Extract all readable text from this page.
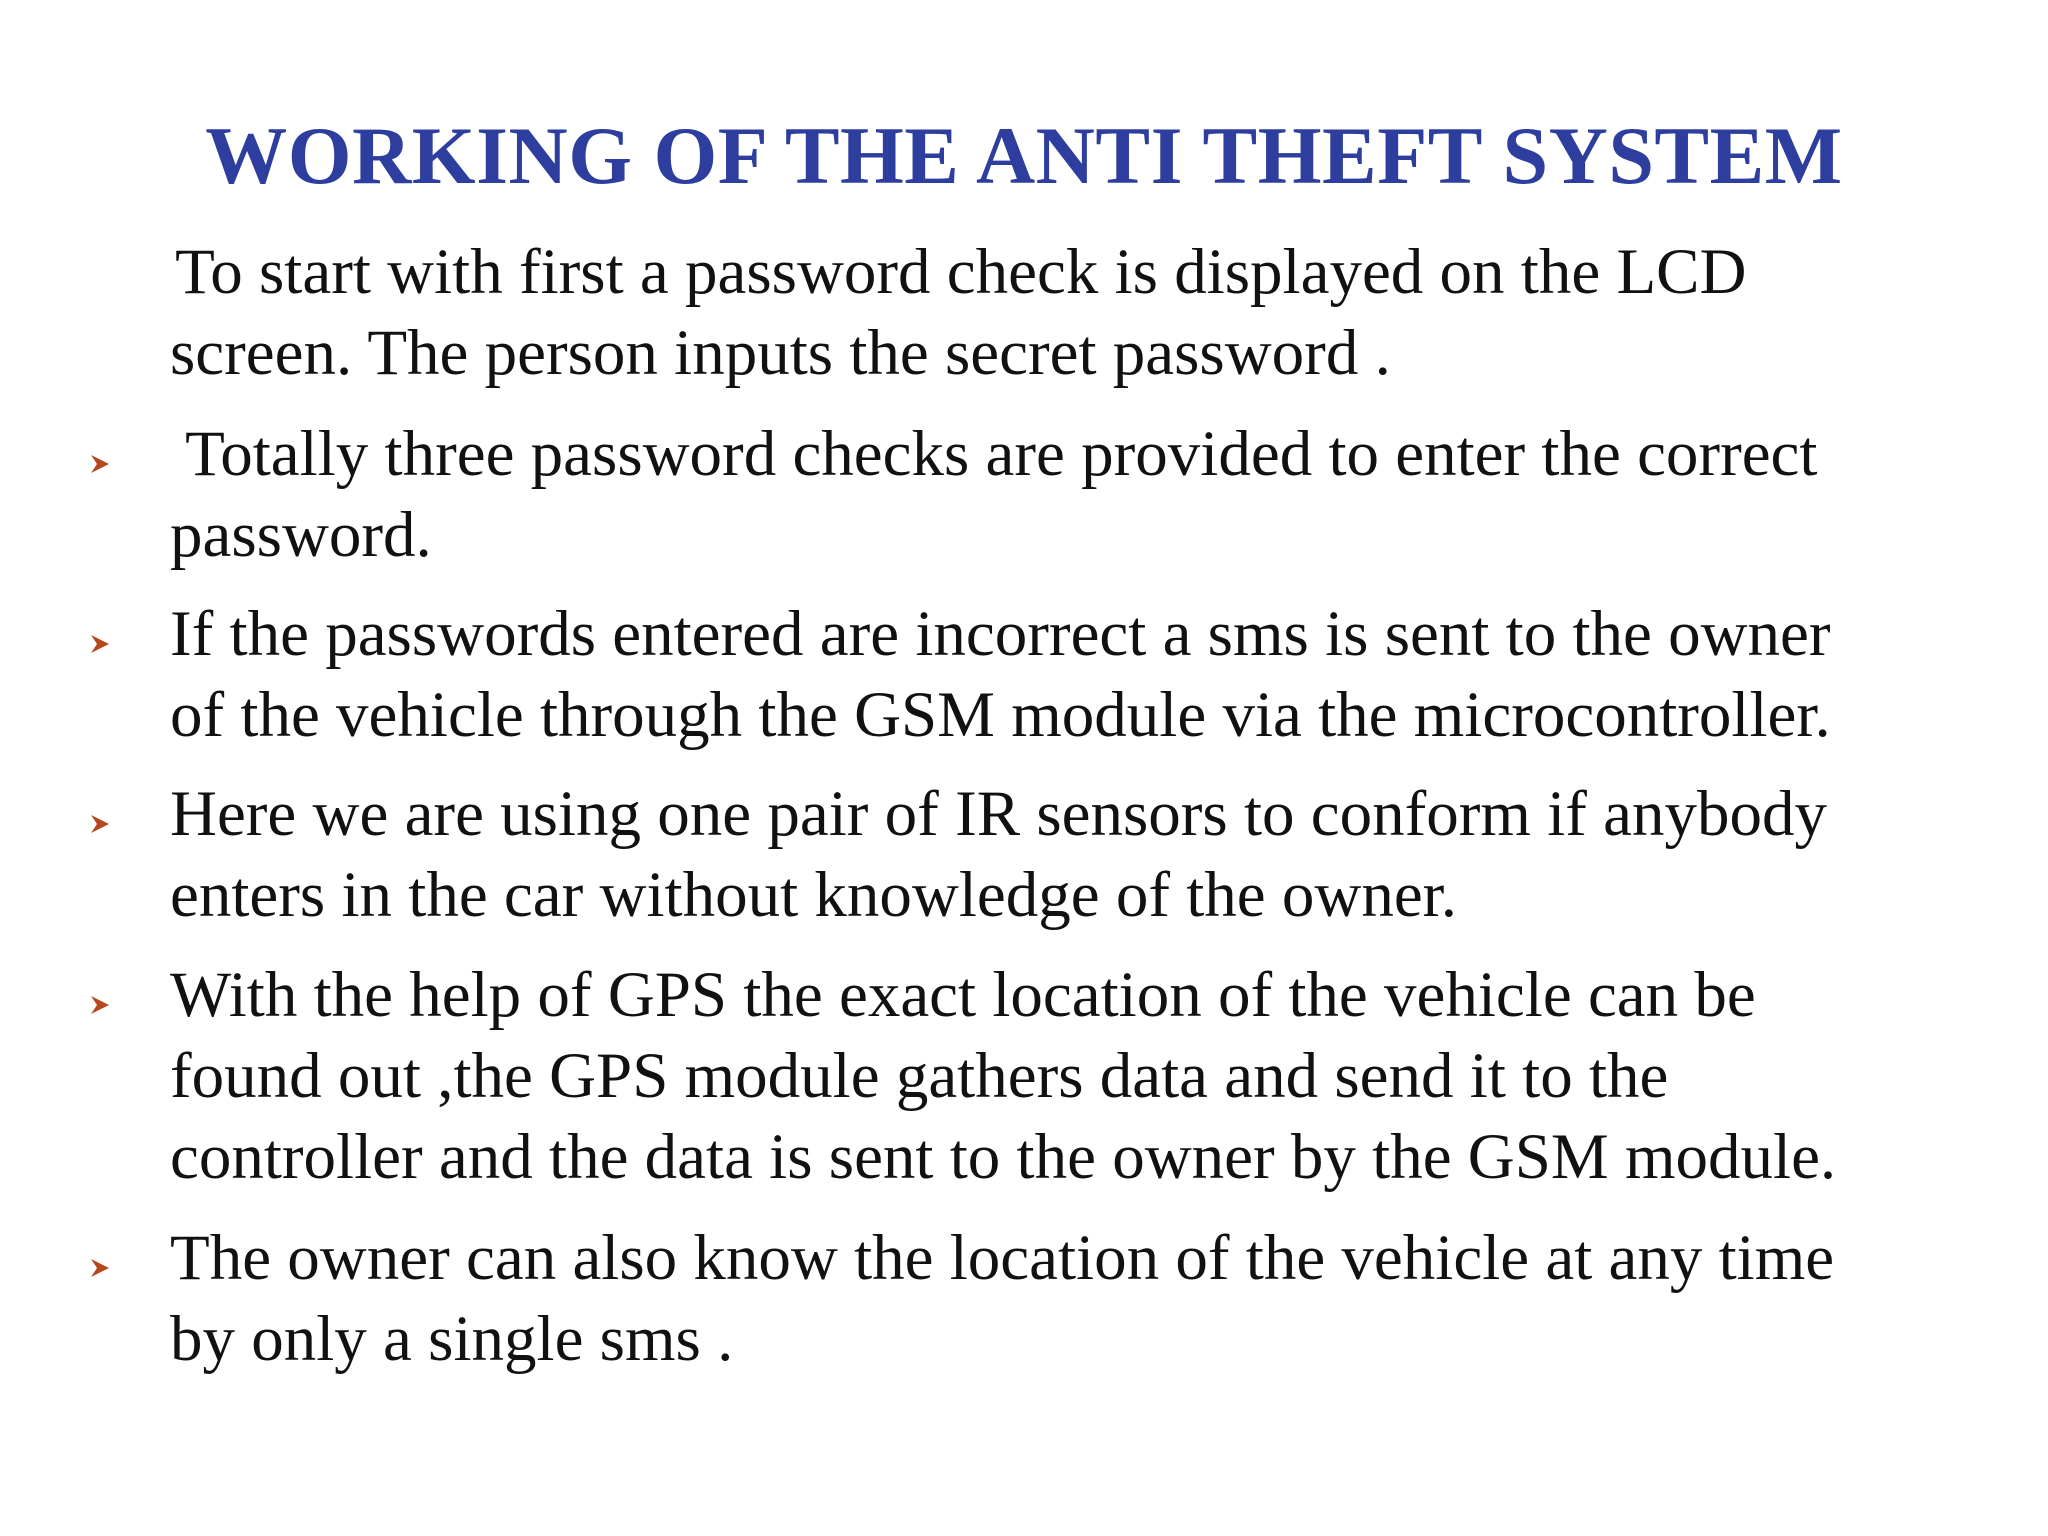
WORKING OF THE ANTI THEFT SYSTEM
To start with first a password check is displayed on the LCD
screen. The person inputs the secret password .
Totally three password checks are provided to enter the correct
password.
If the passwords entered are incorrect a sms is sent to the owner
of the vehicle through the GSM module via the microcontroller.
Here we are using one pair of IR sensors to conform if anybody
enters in the car without knowledge of the owner.
With the help of GPS the exact location of the vehicle can be
found out ,the GPS module gathers data and send it to the
controller and the data is sent to the owner by the GSM module.
The owner can also know the location of the vehicle at any time
by only a single sms .
